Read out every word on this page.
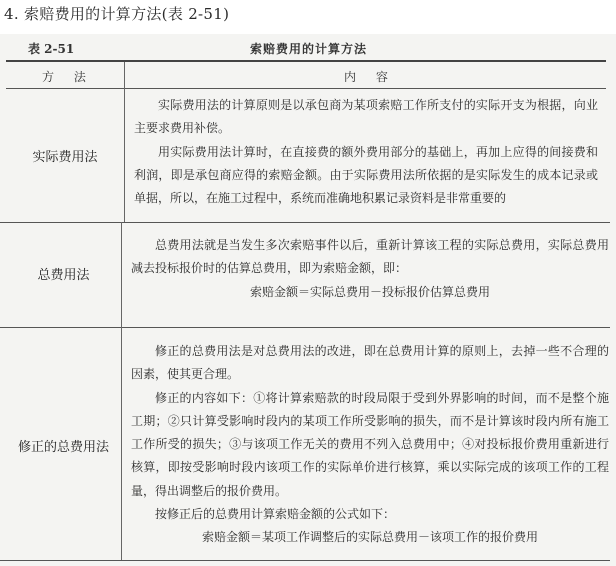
4. 索赔费用的计算方法(表 2-51)
表 2-51	索赔费用的计算方法
方 法	内 容
实际费用法

实际费用法的计算原则是以承包商为某项索赔工作所支付的实际开支为根据，向业主要求费用补偿。

用实际费用法计算时，在直接费的额外费用部分的基础上，再加上应得的间接费和利润，即是承包商应得的索赔金额。由于实际费用法所依据的是实际发生的成本记录或单据，所以，在施工过程中，系统而准确地积累记录资料是非常重要的

总费用法

总费用法就是当发生多次索赔事件以后，重新计算该工程的实际总费用，实际总费用减去投标报价时的估算总费用，即为索赔金额，即：

索赔金额＝实际总费用－投标报价估算总费用

修正的总费用法

修正的总费用法是对总费用法的改进，即在总费用计算的原则上，去掉一些不合理的因素，使其更合理。

修正的内容如下：①将计算索赔款的时段局限于受到外界影响的时间，而不是整个施工期；②只计算受影响时段内的某项工作所受影响的损失，而不是计算该时段内所有施工工作所受的损失；③与该项工作无关的费用不列入总费用中；④对投标报价费用重新进行核算，即按受影响时段内该项工作的实际单价进行核算，乘以实际完成的该项工作的工程量，得出调整后的报价费用。

按修正后的总费用计算索赔金额的公式如下：

索赔金额＝某项工作调整后的实际总费用－该项工作的报价费用
